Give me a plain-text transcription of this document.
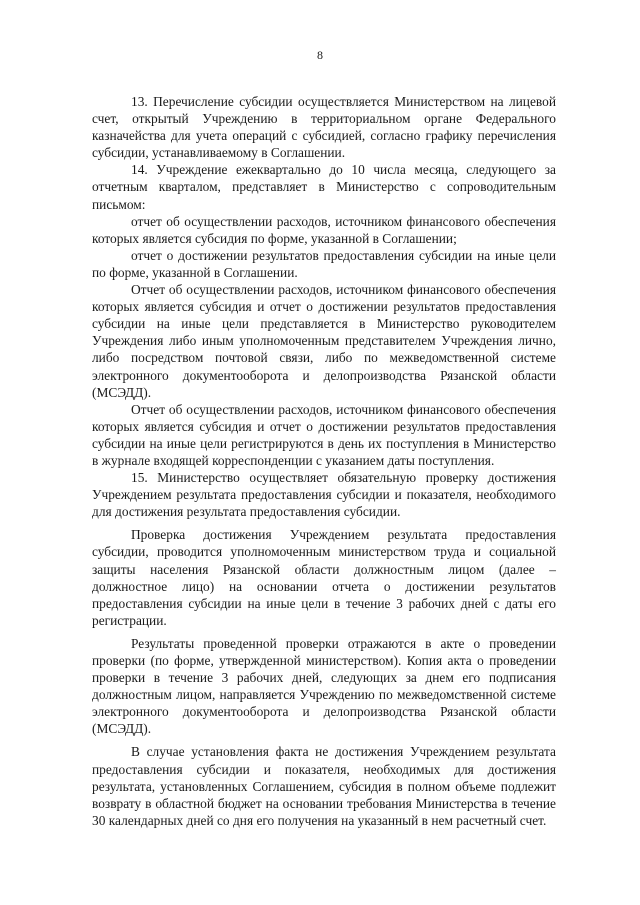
8

13. Перечисление субсидии осуществляется Министерством на лицевой счет, открытый Учреждению в территориальном органе Федерального казначейства для учета операций с субсидией, согласно графику перечисления субсидии, устанавливаемому в Соглашении.

14. Учреждение ежеквартально до 10 числа месяца, следующего за отчетным кварталом, представляет в Министерство с сопроводительным письмом:

отчет об осуществлении расходов, источником финансового обеспечения которых является субсидия по форме, указанной в Соглашении;

отчет о достижении результатов предоставления субсидии на иные цели по форме, указанной в Соглашении.

Отчет об осуществлении расходов, источником финансового обеспечения которых является субсидия и отчет о достижении результатов предоставления субсидии на иные цели представляется в Министерство руководителем Учреждения либо иным уполномоченным представителем Учреждения лично, либо посредством почтовой связи, либо по межведомственной системе электронного документооборота и делопроизводства Рязанской области (МСЭДД).

Отчет об осуществлении расходов, источником финансового обеспечения которых является субсидия и отчет о достижении результатов предоставления субсидии на иные цели регистрируются в день их поступления в Министерство в журнале входящей корреспонденции с указанием даты поступления.

15. Министерство осуществляет обязательную проверку достижения Учреждением результата предоставления субсидии и показателя, необходимого для достижения результата предоставления субсидии.

Проверка достижения Учреждением результата предоставления субсидии, проводится уполномоченным министерством труда и социальной защиты населения Рязанской области должностным лицом (далее – должностное лицо) на основании отчета о достижении результатов предоставления субсидии на иные цели в течение 3 рабочих дней с даты его регистрации.

Результаты проведенной проверки отражаются в акте о проведении проверки (по форме, утвержденной министерством). Копия акта о проведении проверки в течение 3 рабочих дней, следующих за днем его подписания должностным лицом, направляется Учреждению по межведомственной системе электронного документооборота и делопроизводства Рязанской области (МСЭДД).

В случае установления факта не достижения Учреждением результата предоставления субсидии и показателя, необходимых для достижения результата, установленных Соглашением, субсидия в полном объеме подлежит возврату в областной бюджет на основании требования Министерства в течение 30 календарных дней со дня его получения на указанный в нем расчетный счет.
